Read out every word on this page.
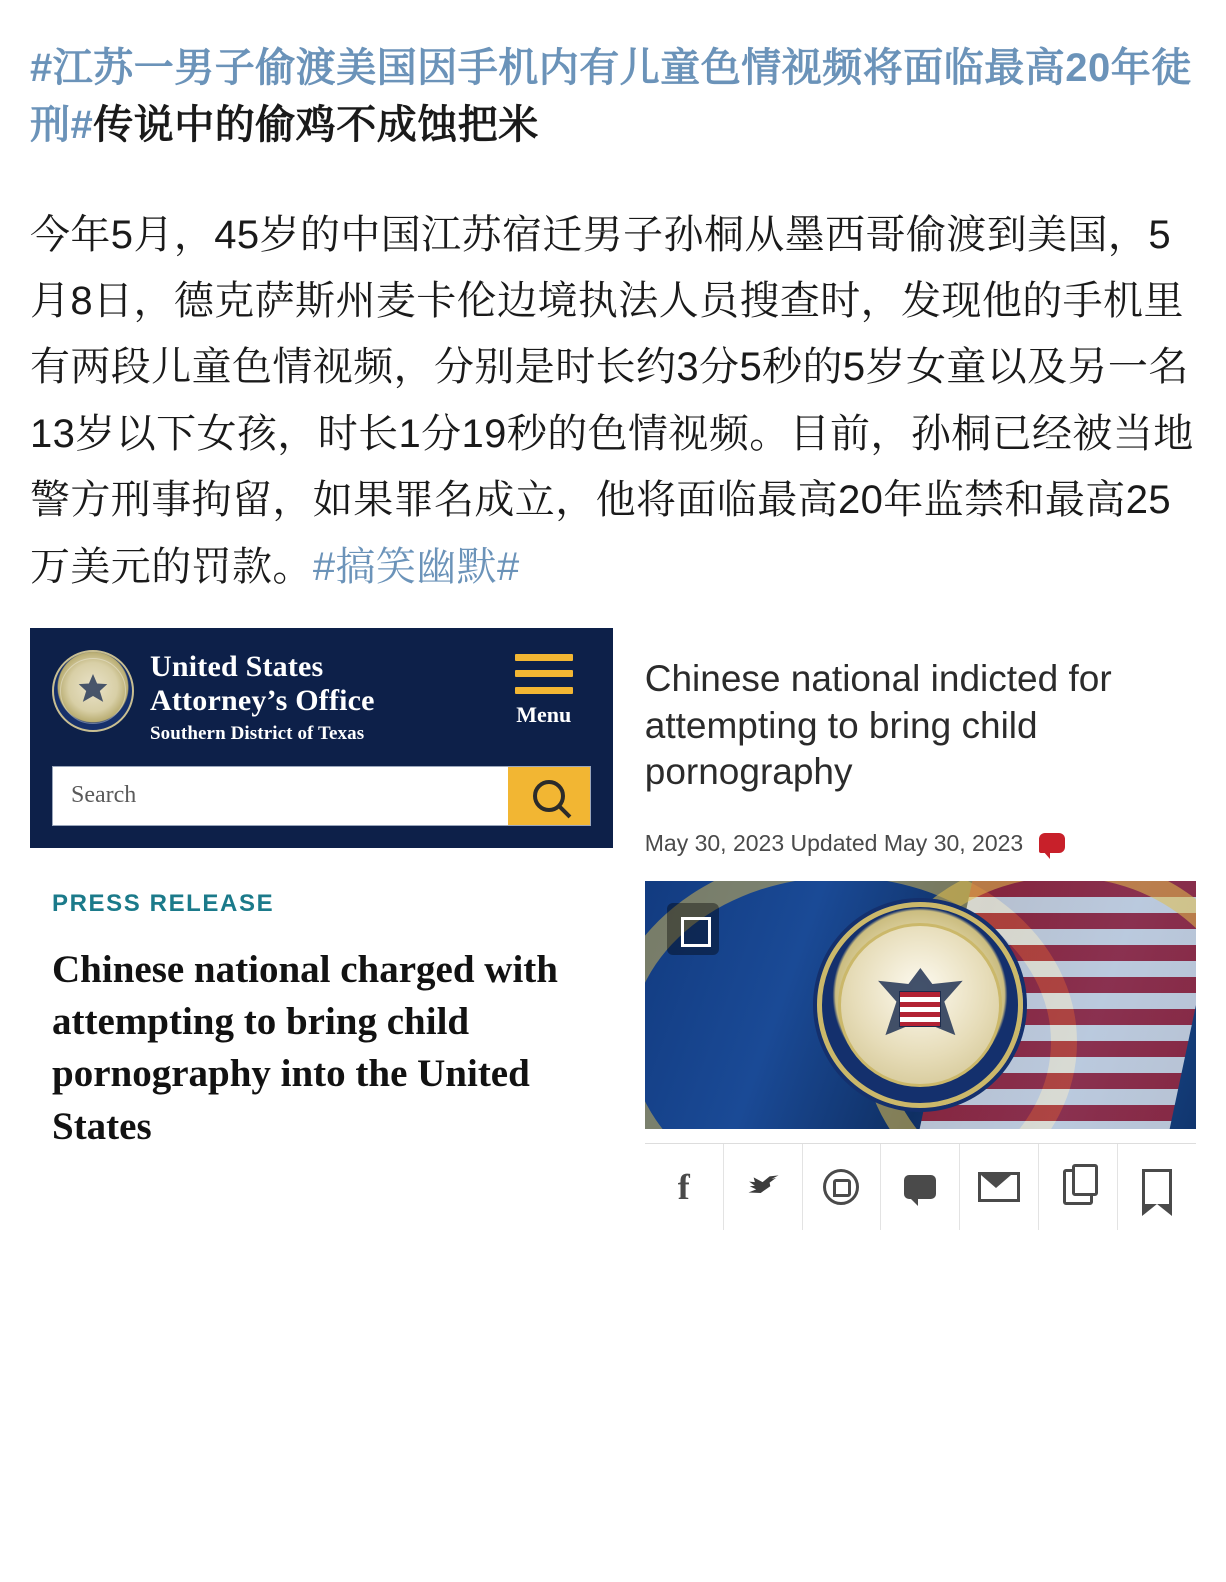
#江苏一男子偷渡美国因手机内有儿童色情视频将面临最高20年徒刑#传说中的偷鸡不成蚀把米

今年5月，45岁的中国江苏宿迁男子孙桐从墨西哥偷渡到美国，5月8日，德克萨斯州麦卡伦边境执法人员搜查时，发现他的手机里有两段儿童色情视频，分别是时长约3分5秒的5岁女童以及另一名13岁以下女孩，时长1分19秒的色情视频。目前，孙桐已经被当地警方刑事拘留，如果罪名成立，他将面临最高20年监禁和最高25万美元的罚款。#搞笑幽默#

United States
Attorney’s Office
Southern District of Texas
Menu
Search
PRESS RELEASE
Chinese national charged with attempting to bring child pornography into the United States
Chinese national indicted for attempting to bring child pornography
May 30, 2023 Updated May 30, 2023
f
